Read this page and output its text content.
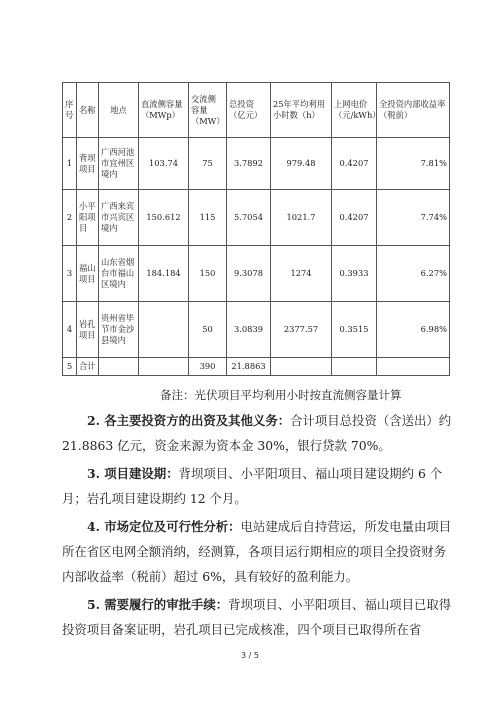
序号	名称	地点	直流侧容量（MWp）	交流侧容量（MW）	总投资（亿元）	25年平均利用小时数（h）	上网电价（元/kWh）	全投资内部收益率（税前）
1	背坝项目	广西河池市宜州区境内	103.74	75	3.7892	979.48	0.4207	7.81%
2	小平阳项目	广西来宾市兴宾区境内	150.612	115	5.7054	1021.7	0.4207	7.74%
3	福山项目	山东省烟台市福山区境内	184.184	150	9.3078	1274	0.3933	6.27%
4	岩孔项目	贵州省毕节市金沙县境内		50	3.0839	2377.57	0.3515	6.98%
5	合计			390	21.8863			
备注：光伏项目平均利用小时按直流侧容量计算

2. 各主要投资方的出资及其他义务：合计项目总投资（含送出）约 21.8863 亿元，资金来源为资本金 30%，银行贷款 70%。

3. 项目建设期：背坝项目、小平阳项目、福山项目建设期约 6 个月；岩孔项目建设期约 12 个月。

4. 市场定位及可行性分析：电站建成后自持营运，所发电量由项目所在省区电网全额消纳，经测算，各项目运行期相应的项目全投资财务内部收益率（税前）超过 6%，具有较好的盈利能力。

5. 需要履行的审批手续：背坝项目、小平阳项目、福山项目已取得投资项目备案证明，岩孔项目已完成核准，四个项目已取得所在省

3 / 5
